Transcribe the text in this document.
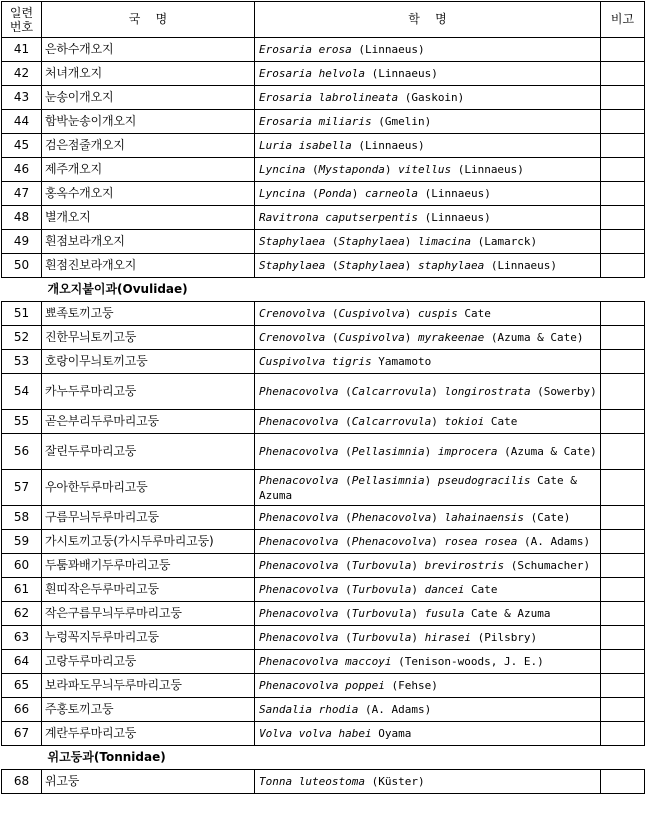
일련
번호	국    명	학    명	비고
41	은하수개오지	Erosaria erosa (Linnaeus)	
42	처녀개오지	Erosaria helvola (Linnaeus)	
43	눈송이개오지	Erosaria labrolineata (Gaskoin)	
44	함박눈송이개오지	Erosaria miliaris (Gmelin)	
45	검은점줄개오지	Luria isabella (Linnaeus)	
46	제주개오지	Lyncina (Mystaponda) vitellus (Linnaeus)	
47	홍옥수개오지	Lyncina (Ponda) carneola (Linnaeus)	
48	별개오지	Ravitrona caputserpentis (Linnaeus)	
49	흰점보라개오지	Staphylaea (Staphylaea) limacina (Lamarck)	
50	흰점진보라개오지	Staphylaea (Staphylaea) staphylaea (Linnaeus)	
개오지붙이과(Ovulidae)			
51	뾰족토끼고둥	Crenovolva (Cuspivolva) cuspis Cate	
52	진한무늬토끼고둥	Crenovolva (Cuspivolva) myrakeenae (Azuma & Cate)	
53	호랑이무늬토끼고둥	Cuspivolva tigris Yamamoto	
54	카누두루마리고둥	Phenacovolva (Calcarrovula) longirostrata (Sowerby)	
55	곧은부리두루마리고둥	Phenacovolva (Calcarrovula) tokioi Cate	
56	잘린두루마리고둥	Phenacovolva (Pellasimnia) improcera (Azuma & Cate)	
57	우아한두루마리고둥	Phenacovolva (Pellasimnia) pseudogracilis Cate & Azuma	
58	구름무늬두루마리고둥	Phenacovolva (Phenacovolva) lahainaensis (Cate)	
59	가시토끼고둥(가시두루마리고둥)	Phenacovolva (Phenacovolva) rosea rosea (A. Adams)	
60	두툼꽈배기두루마리고둥	Phenacovolva (Turbovula) brevirostris (Schumacher)	
61	흰띠작은두루마리고둥	Phenacovolva (Turbovula) dancei Cate	
62	작은구름무늬두루마리고둥	Phenacovolva (Turbovula) fusula Cate & Azuma	
63	누렁꼭지두루마리고둥	Phenacovolva (Turbovula) hirasei (Pilsbry)	
64	고랑두루마리고둥	Phenacovolva maccoyi (Tenison-woods, J. E.)	
65	보라파도무늬두루마리고둥	Phenacovolva poppei (Fehse)	
66	주홍토끼고둥	Sandalia rhodia (A. Adams)	
67	계란두루마리고둥	Volva volva habei Oyama	
위고둥과(Tonnidae)			
68	위고둥	Tonna luteostoma (Küster)	
